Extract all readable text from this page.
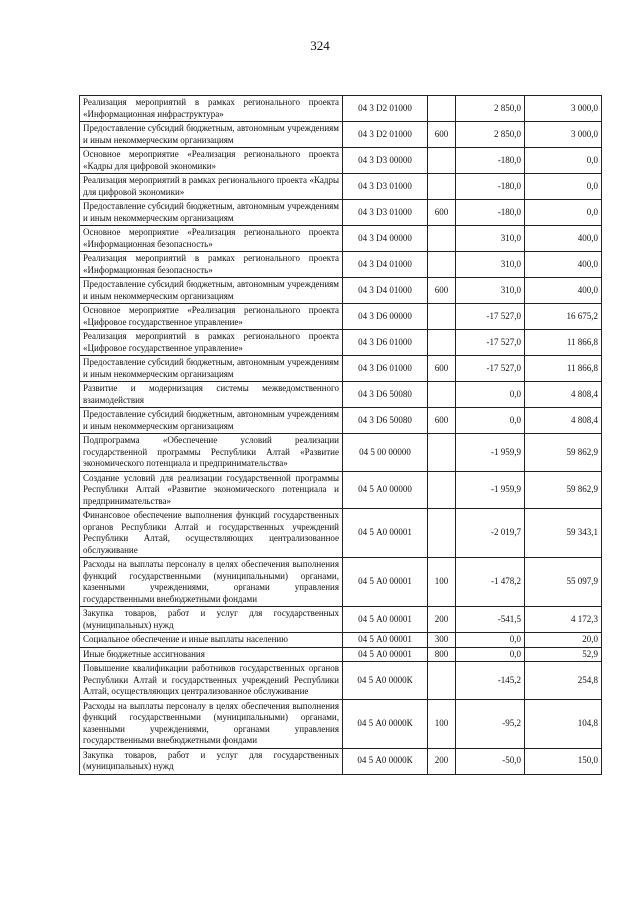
324
Реализация мероприятий в рамках регионального проекта «Информационная инфраструктура»	04 3 D2 01000		2 850,0	3 000,0
Предоставление субсидий бюджетным, автономным учреждениям и иным некоммерческим организациям	04 3 D2 01000	600	2 850,0	3 000,0
Основное мероприятие «Реализация регионального проекта «Кадры для цифровой экономики»	04 3 D3 00000		-180,0	0,0
Реализация мероприятий в рамках регионального проекта «Кадры для цифровой экономики»	04 3 D3 01000		-180,0	0,0
Предоставление субсидий бюджетным, автономным учреждениям и иным некоммерческим организациям	04 3 D3 01000	600	-180,0	0,0
Основное мероприятие «Реализация регионального проекта «Информационная безопасность»	04 3 D4 00000		310,0	400,0
Реализация мероприятий в рамках регионального проекта «Информационная безопасность»	04 3 D4 01000		310,0	400,0
Предоставление субсидий бюджетным, автономным учреждениям и иным некоммерческим организациям	04 3 D4 01000	600	310,0	400,0
Основное мероприятие «Реализация регионального проекта «Цифровое государственное управление»	04 3 D6 00000		-17 527,0	16 675,2
Реализация мероприятий в рамках регионального проекта «Цифровое государственное управление»	04 3 D6 01000		-17 527,0	11 866,8
Предоставление субсидий бюджетным, автономным учреждениям и иным некоммерческим организациям	04 3 D6 01000	600	-17 527,0	11 866,8
Развитие и модернизация системы межведомственного взаимодействия	04 3 D6 50080		0,0	4 808,4
Предоставление субсидий бюджетным, автономным учреждениям и иным некоммерческим организациям	04 3 D6 50080	600	0,0	4 808,4
Подпрограмма «Обеспечение условий реализации государственной программы Республики Алтай «Развитие экономического потенциала и предпринимательства»	04 5 00 00000		-1 959,9	59 862,9
Создание условий для реализации государственной программы Республики Алтай «Развитие экономического потенциала и предпринимательства»	04 5 А0 00000		-1 959,9	59 862,9
Финансовое обеспечение выполнения функций государственных органов Республики Алтай и государственных учреждений Республики Алтай, осуществляющих централизованное обслуживание	04 5 А0 00001		-2 019,7	59 343,1
Расходы на выплаты персоналу в целях обеспечения выполнения функций государственными (муниципальными) органами, казенными учреждениями, органами управления государственными внебюджетными фондами	04 5 А0 00001	100	-1 478,2	55 097,9
Закупка товаров, работ и услуг для государственных (муниципальных) нужд	04 5 А0 00001	200	-541,5	4 172,3
Социальное обеспечение и иные выплаты населению	04 5 А0 00001	300	0,0	20,0
Иные бюджетные ассигнования	04 5 А0 00001	800	0,0	52,9
Повышение квалификации работников государственных органов Республики Алтай и государственных учреждений Республики Алтай, осуществляющих централизованное обслуживание	04 5 А0 0000К		-145,2	254,8
Расходы на выплаты персоналу в целях обеспечения выполнения функций государственными (муниципальными) органами, казенными учреждениями, органами управления государственными внебюджетными фондами	04 5 А0 0000К	100	-95,2	104,8
Закупка товаров, работ и услуг для государственных (муниципальных) нужд	04 5 А0 0000К	200	-50,0	150,0
